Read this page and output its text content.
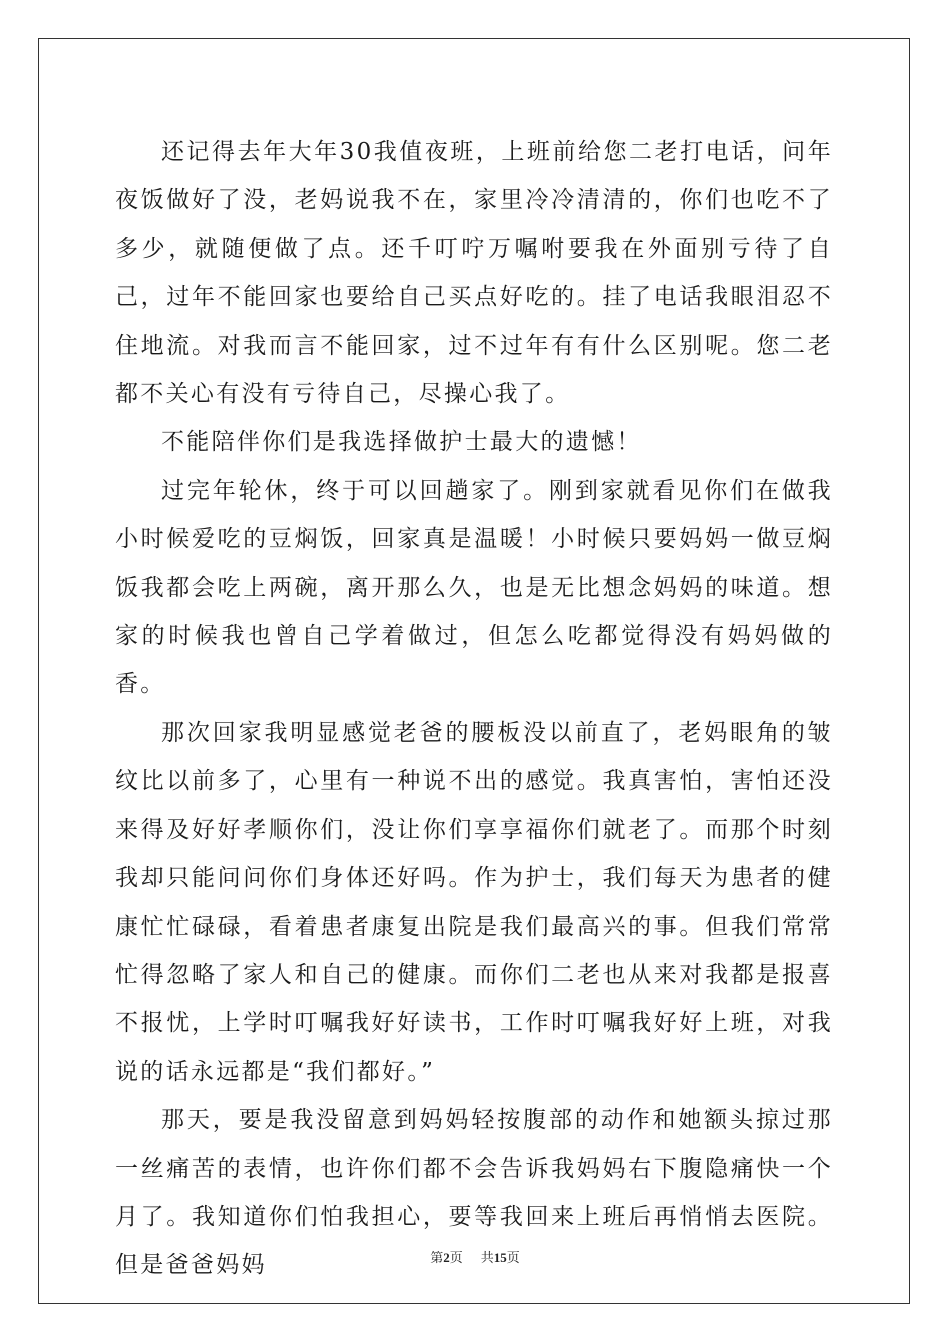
还记得去年大年30我值夜班，上班前给您二老打电话，问年夜饭做好了没，老妈说我不在，家里冷冷清清的，你们也吃不了多少，就随便做了点。还千叮咛万嘱咐要我在外面别亏待了自己，过年不能回家也要给自己买点好吃的。挂了电话我眼泪忍不住地流。对我而言不能回家，过不过年有有什么区别呢。您二老都不关心有没有亏待自己，尽操心我了。

不能陪伴你们是我选择做护士最大的遗憾！

过完年轮休，终于可以回趟家了。刚到家就看见你们在做我小时候爱吃的豆焖饭，回家真是温暖！小时候只要妈妈一做豆焖饭我都会吃上两碗，离开那么久，也是无比想念妈妈的味道。想家的时候我也曾自己学着做过，但怎么吃都觉得没有妈妈做的香。

那次回家我明显感觉老爸的腰板没以前直了，老妈眼角的皱纹比以前多了，心里有一种说不出的感觉。我真害怕，害怕还没来得及好好孝顺你们，没让你们享享福你们就老了。而那个时刻我却只能问问你们身体还好吗。作为护士，我们每天为患者的健康忙忙碌碌，看着患者康复出院是我们最高兴的事。但我们常常忙得忽略了家人和自己的健康。而你们二老也从来对我都是报喜不报忧，上学时叮嘱我好好读书，工作时叮嘱我好好上班，对我说的话永远都是“我们都好。”

那天，要是我没留意到妈妈轻按腹部的动作和她额头掠过那一丝痛苦的表情，也许你们都不会告诉我妈妈右下腹隐痛快一个月了。我知道你们怕我担心，要等我回来上班后再悄悄去医院。但是爸爸妈妈	第2页 共15页
